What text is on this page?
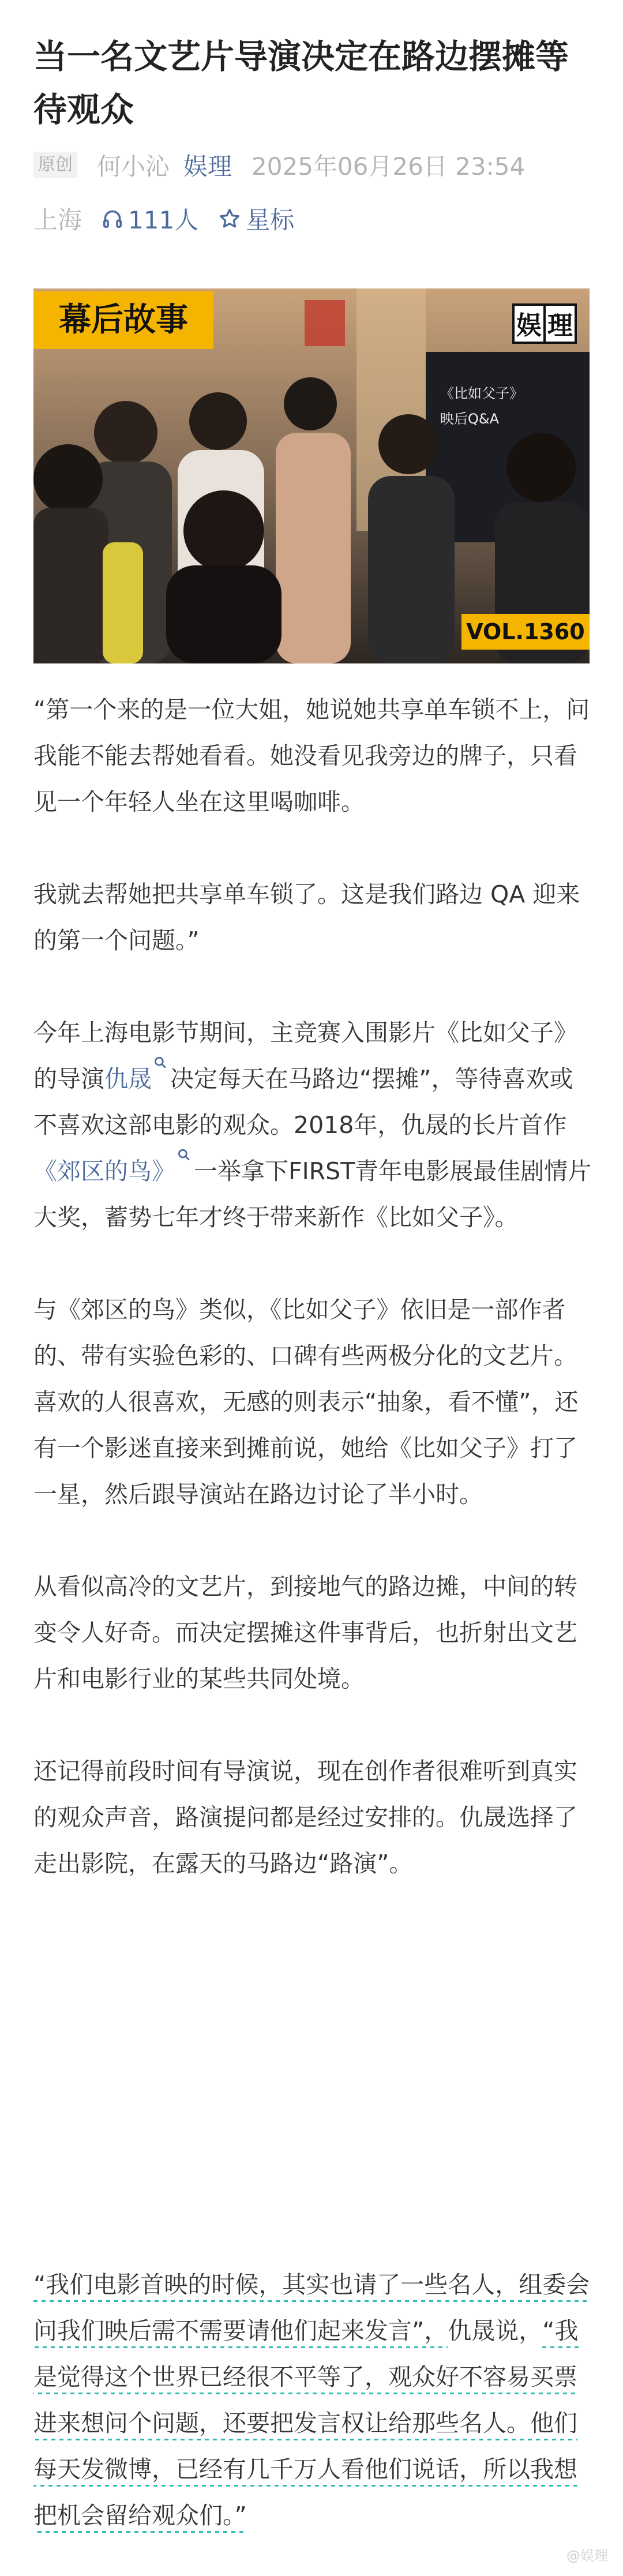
当一名文艺片导演决定在路边摆摊等待观众
原创 何小沁 娱理 2025年06月26日 23:54
上海 111人 星标
幕后故事	娱 理
《比如父子》
映后Q&A
VOL.1360

“第一个来的是一位大姐，她说她共享单车锁不上，问我能不能去帮她看看。她没看见我旁边的牌子，只看见一个年轻人坐在这里喝咖啡。

我就去帮她把共享单车锁了。这是我们路边 QA 迎来的第一个问题。”

今年上海电影节期间，主竞赛入围影片《比如父子》的导演仇晟 决定每天在马路边“摆摊”，等待喜欢或不喜欢这部电影的观众。2018年，仇晟的长片首作《郊区的鸟》 一举拿下FIRST青年电影展最佳剧情片大奖，蓄势七年才终于带来新作《比如父子》。

与《郊区的鸟》类似，《比如父子》依旧是一部作者的、带有实验色彩的、口碑有些两极分化的文艺片。喜欢的人很喜欢，无感的则表示“抽象，看不懂”，还有一个影迷直接来到摊前说，她给《比如父子》打了一星，然后跟导演站在路边讨论了半小时。

从看似高冷的文艺片，到接地气的路边摊，中间的转变令人好奇。而决定摆摊这件事背后，也折射出文艺片和电影行业的某些共同处境。

还记得前段时间有导演说，现在创作者很难听到真实的观众声音，路演提问都是经过安排的。仇晟选择了走出影院，在露天的马路边“路演”。

“我们电影首映的时候，其实也请了一些名人，组委会问我们映后需不需要请他们起来发言”，仇晟说，“我是觉得这个世界已经很不平等了，观众好不容易买票进来想问个问题，还要把发言权让给那些名人。他们每天发微博，已经有几千万人看他们说话，所以我想把机会留给观众们。”
@娱理
